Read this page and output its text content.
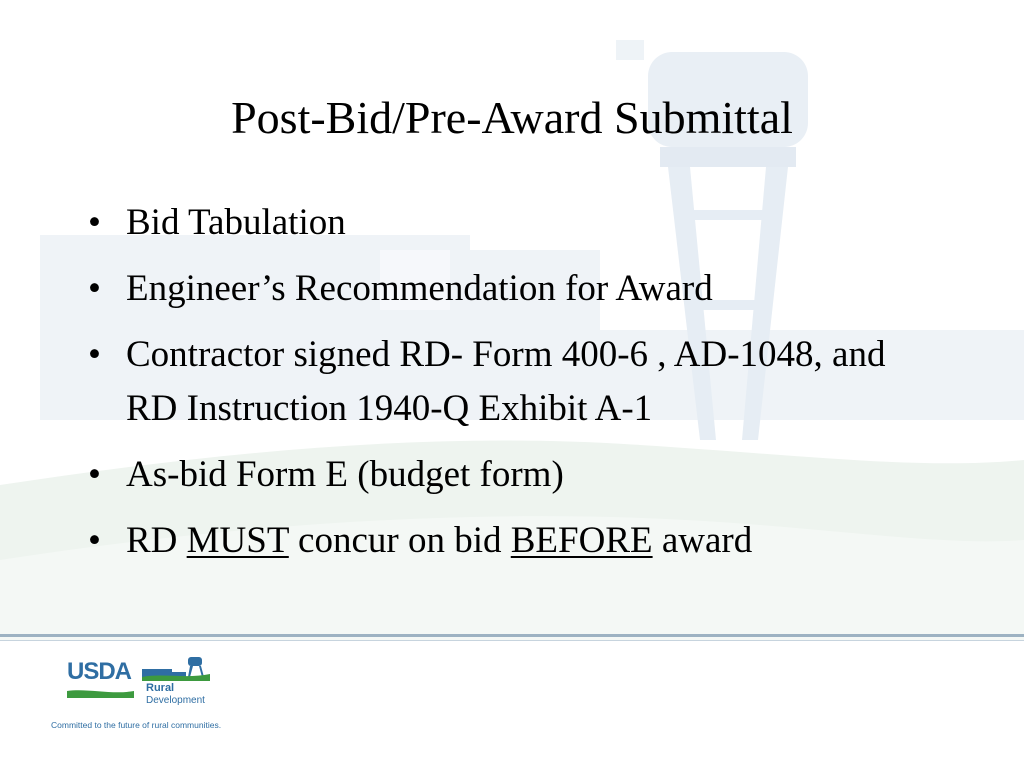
Post-Bid/Pre-Award Submittal
• Bid Tabulation
• Engineer’s Recommendation for Award
• Contractor signed RD- Form 400-6 , AD-1048, and RD Instruction 1940-Q Exhibit A-1
• As-bid Form E (budget form)
• RD MUST concur on bid BEFORE award
USDA
Rural
Development
Committed to the future of rural communities.
